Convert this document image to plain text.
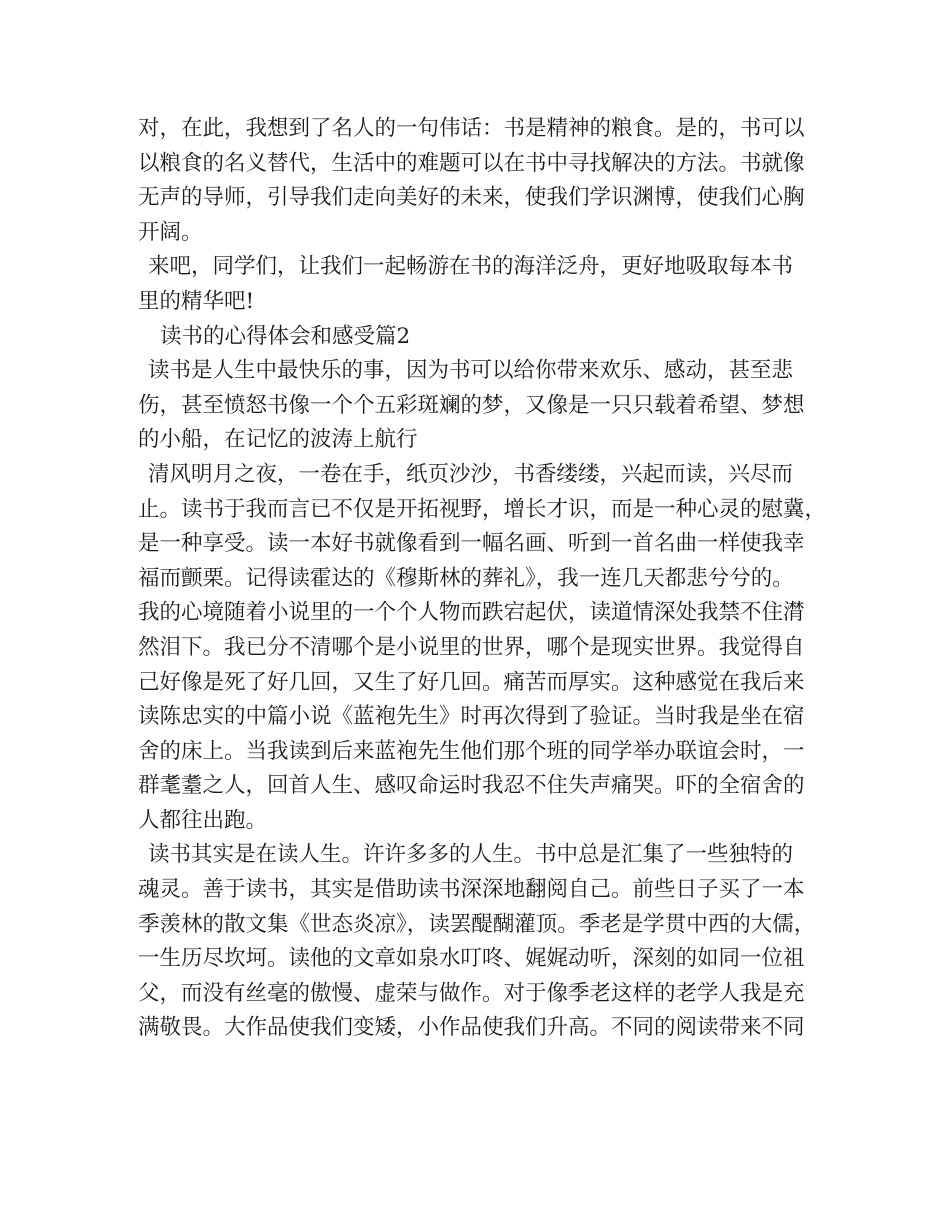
对，在此，我想到了名人的一句伟话：书是精神的粮食。是的，书可以
以粮食的名义替代，生活中的难题可以在书中寻找解决的方法。书就像
无声的导师，引导我们走向美好的未来，使我们学识渊博，使我们心胸
开阔。
来吧，同学们，让我们一起畅游在书的海洋泛舟，更好地吸取每本书
里的精华吧!
读书的心得体会和感受篇2
读书是人生中最快乐的事，因为书可以给你带来欢乐、感动，甚至悲
伤，甚至愤怒书像一个个五彩斑斓的梦，又像是一只只载着希望、梦想
的小船，在记忆的波涛上航行
清风明月之夜，一卷在手，纸页沙沙，书香缕缕，兴起而读，兴尽而
止。读书于我而言已不仅是开拓视野，增长才识，而是一种心灵的慰冀，
是一种享受。读一本好书就像看到一幅名画、听到一首名曲一样使我幸
福而颤栗。记得读霍达的《穆斯林的葬礼》，我一连几天都悲兮兮的。
我的心境随着小说里的一个个人物而跌宕起伏，读道情深处我禁不住潸
然泪下。我已分不清哪个是小说里的世界，哪个是现实世界。我觉得自
己好像是死了好几回，又生了好几回。痛苦而厚实。这种感觉在我后来
读陈忠实的中篇小说《蓝袍先生》时再次得到了验证。当时我是坐在宿
舍的床上。当我读到后来蓝袍先生他们那个班的同学举办联谊会时，一
群耄耋之人，回首人生、感叹命运时我忍不住失声痛哭。吓的全宿舍的
人都往出跑。
读书其实是在读人生。许许多多的人生。书中总是汇集了一些独特的
魂灵。善于读书，其实是借助读书深深地翻阅自己。前些日子买了一本
季羡林的散文集《世态炎凉》，读罢醍醐灌顶。季老是学贯中西的大儒，
一生历尽坎坷。读他的文章如泉水叮咚、娓娓动听，深刻的如同一位祖
父，而没有丝毫的傲慢、虚荣与做作。对于像季老这样的老学人我是充
满敬畏。大作品使我们变矮，小作品使我们升高。不同的阅读带来不同
